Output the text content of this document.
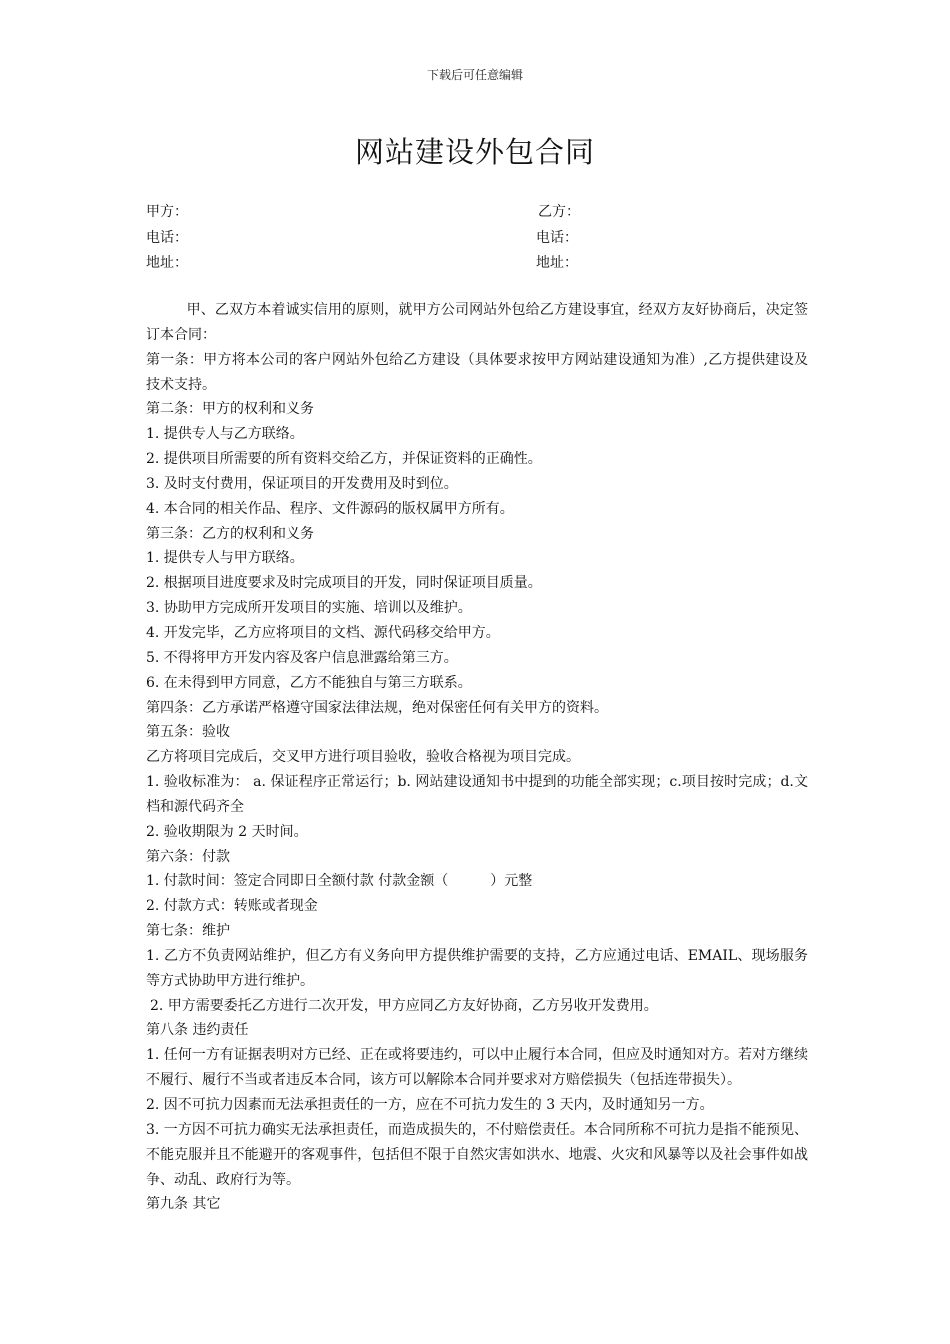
下载后可任意编辑
网站建设外包合同
甲方：	乙方：
电话：	电话：
地址：	地址：

甲、乙双方本着诚实信用的原则，就甲方公司网站外包给乙方建设事宜，经双方友好协商后，决定签订本合同：

第一条：甲方将本公司的客户网站外包给乙方建设（具体要求按甲方网站建设通知为准）,乙方提供建设及技术支持。

第二条：甲方的权利和义务

1. 提供专人与乙方联络。

2. 提供项目所需要的所有资料交给乙方，并保证资料的正确性。

3. 及时支付费用，保证项目的开发费用及时到位。

4. 本合同的相关作品、程序、文件源码的版权属甲方所有。

第三条：乙方的权利和义务

1. 提供专人与甲方联络。

2. 根据项目进度要求及时完成项目的开发，同时保证项目质量。

3. 协助甲方完成所开发项目的实施、培训以及维护。

4. 开发完毕，乙方应将项目的文档、源代码移交给甲方。

5. 不得将甲方开发内容及客户信息泄露给第三方。

6. 在未得到甲方同意，乙方不能独自与第三方联系。

第四条：乙方承诺严格遵守国家法律法规，绝对保密任何有关甲方的资料。

第五条：验收

乙方将项目完成后，交叉甲方进行项目验收，验收合格视为项目完成。

1. 验收标准为： a. 保证程序正常运行；b. 网站建设通知书中提到的功能全部实现；c.项目按时完成；d.文档和源代码齐全

2. 验收期限为 2 天时间。

第六条：付款

1. 付款时间：签定合同即日全额付款 付款金额（　　　）元整

2. 付款方式：转账或者现金

第七条：维护

1. 乙方不负责网站维护，但乙方有义务向甲方提供维护需要的支持，乙方应通过电话、EMAIL、现场服务等方式协助甲方进行维护。

2. 甲方需要委托乙方进行二次开发，甲方应同乙方友好协商，乙方另收开发费用。

第八条 违约责任

1. 任何一方有证据表明对方已经、正在或将要违约，可以中止履行本合同，但应及时通知对方。若对方继续不履行、履行不当或者违反本合同，该方可以解除本合同并要求对方赔偿损失（包括连带损失）。

2. 因不可抗力因素而无法承担责任的一方，应在不可抗力发生的 3 天内，及时通知另一方。

3. 一方因不可抗力确实无法承担责任，而造成损失的，不付赔偿责任。本合同所称不可抗力是指不能预见、不能克服并且不能避开的客观事件，包括但不限于自然灾害如洪水、地震、火灾和风暴等以及社会事件如战争、动乱、政府行为等。

第九条 其它
